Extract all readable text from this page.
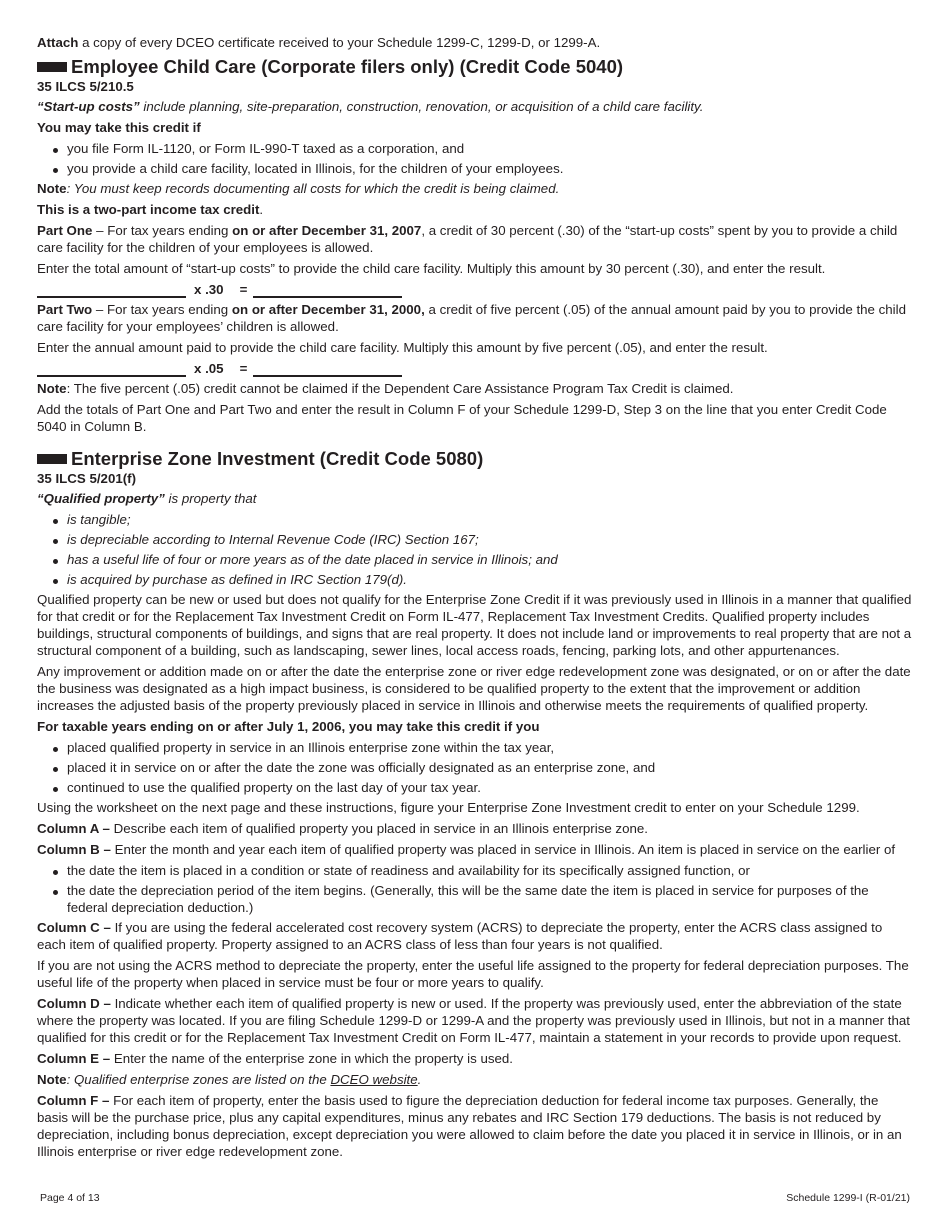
Attach a copy of every DCEO certificate received to your Schedule 1299-C, 1299-D, or 1299-A.

Employee Child Care (Corporate filers only) (Credit Code 5040)

35 ILCS 5/210.5

“Start-up costs” include planning, site-preparation, construction, renovation, or acquisition of a child care facility.

You may take this credit if

you file Form IL-1120, or Form IL-990-T taxed as a corporation, and
you provide a child care facility, located in Illinois, for the children of your employees.

Note: You must keep records documenting all costs for which the credit is being claimed.

This is a two-part income tax credit.

Part One – For tax years ending on or after December 31, 2007, a credit of 30 percent (.30) of the “start-up costs” spent by you to provide a child care facility for the children of your employees is allowed.

Enter the total amount of “start-up costs” to provide the child care facility. Multiply this amount by 30 percent (.30), and enter the result.

x .30 =

Part Two – For tax years ending on or after December 31, 2000, a credit of five percent (.05) of the annual amount paid by you to provide the child care facility for your employees’ children is allowed.

Enter the annual amount paid to provide the child care facility. Multiply this amount by five percent (.05), and enter the result.

x .05 =

Note: The five percent (.05) credit cannot be claimed if the Dependent Care Assistance Program Tax Credit is claimed.

Add the totals of Part One and Part Two and enter the result in Column F of your Schedule 1299-D, Step 3 on the line that you enter Credit Code 5040 in Column B.

Enterprise Zone Investment (Credit Code 5080)

35 ILCS 5/201(f)

“Qualified property” is property that

is tangible;
is depreciable according to Internal Revenue Code (IRC) Section 167;
has a useful life of four or more years as of the date placed in service in Illinois; and
is acquired by purchase as defined in IRC Section 179(d).

Qualified property can be new or used but does not qualify for the Enterprise Zone Credit if it was previously used in Illinois in a manner that qualified for that credit or for the Replacement Tax Investment Credit on Form IL-477, Replacement Tax Investment Credits. Qualified property includes buildings, structural components of buildings, and signs that are real property. It does not include land or improvements to real property that are not a structural component of a building, such as landscaping, sewer lines, local access roads, fencing, parking lots, and other appurtenances.

Any improvement or addition made on or after the date the enterprise zone or river edge redevelopment zone was designated, or on or after the date the business was designated as a high impact business, is considered to be qualified property to the extent that the improvement or addition increases the adjusted basis of the property previously placed in service in Illinois and otherwise meets the requirements of qualified property.

For taxable years ending on or after July 1, 2006, you may take this credit if you

placed qualified property in service in an Illinois enterprise zone within the tax year,
placed it in service on or after the date the zone was officially designated as an enterprise zone, and
continued to use the qualified property on the last day of your tax year.

Using the worksheet on the next page and these instructions, figure your Enterprise Zone Investment credit to enter on your Schedule 1299.

Column A – Describe each item of qualified property you placed in service in an Illinois enterprise zone.

Column B – Enter the month and year each item of qualified property was placed in service in Illinois. An item is placed in service on the earlier of

the date the item is placed in a condition or state of readiness and availability for its specifically assigned function, or
the date the depreciation period of the item begins. (Generally, this will be the same date the item is placed in service for purposes of the federal depreciation deduction.)

Column C – If you are using the federal accelerated cost recovery system (ACRS) to depreciate the property, enter the ACRS class assigned to each item of qualified property. Property assigned to an ACRS class of less than four years is not qualified.

If you are not using the ACRS method to depreciate the property, enter the useful life assigned to the property for federal depreciation purposes. The useful life of the property when placed in service must be four or more years to qualify.

Column D – Indicate whether each item of qualified property is new or used. If the property was previously used, enter the abbreviation of the state where the property was located. If you are filing Schedule 1299-D or 1299-A and the property was previously used in Illinois, but not in a manner that qualified for this credit or for the Replacement Tax Investment Credit on Form IL-477, maintain a statement in your records to provide upon request.

Column E – Enter the name of the enterprise zone in which the property is used.

Note: Qualified enterprise zones are listed on the DCEO website.

Column F – For each item of property, enter the basis used to figure the depreciation deduction for federal income tax purposes. Generally, the basis will be the purchase price, plus any capital expenditures, minus any rebates and IRC Section 179 deductions. The basis is not reduced by depreciation, including bonus depreciation, except depreciation you were allowed to claim before the date you placed it in service in Illinois, or in an Illinois enterprise or river edge redevelopment zone.

Page 4 of 13	Schedule 1299-I (R-01/21)
